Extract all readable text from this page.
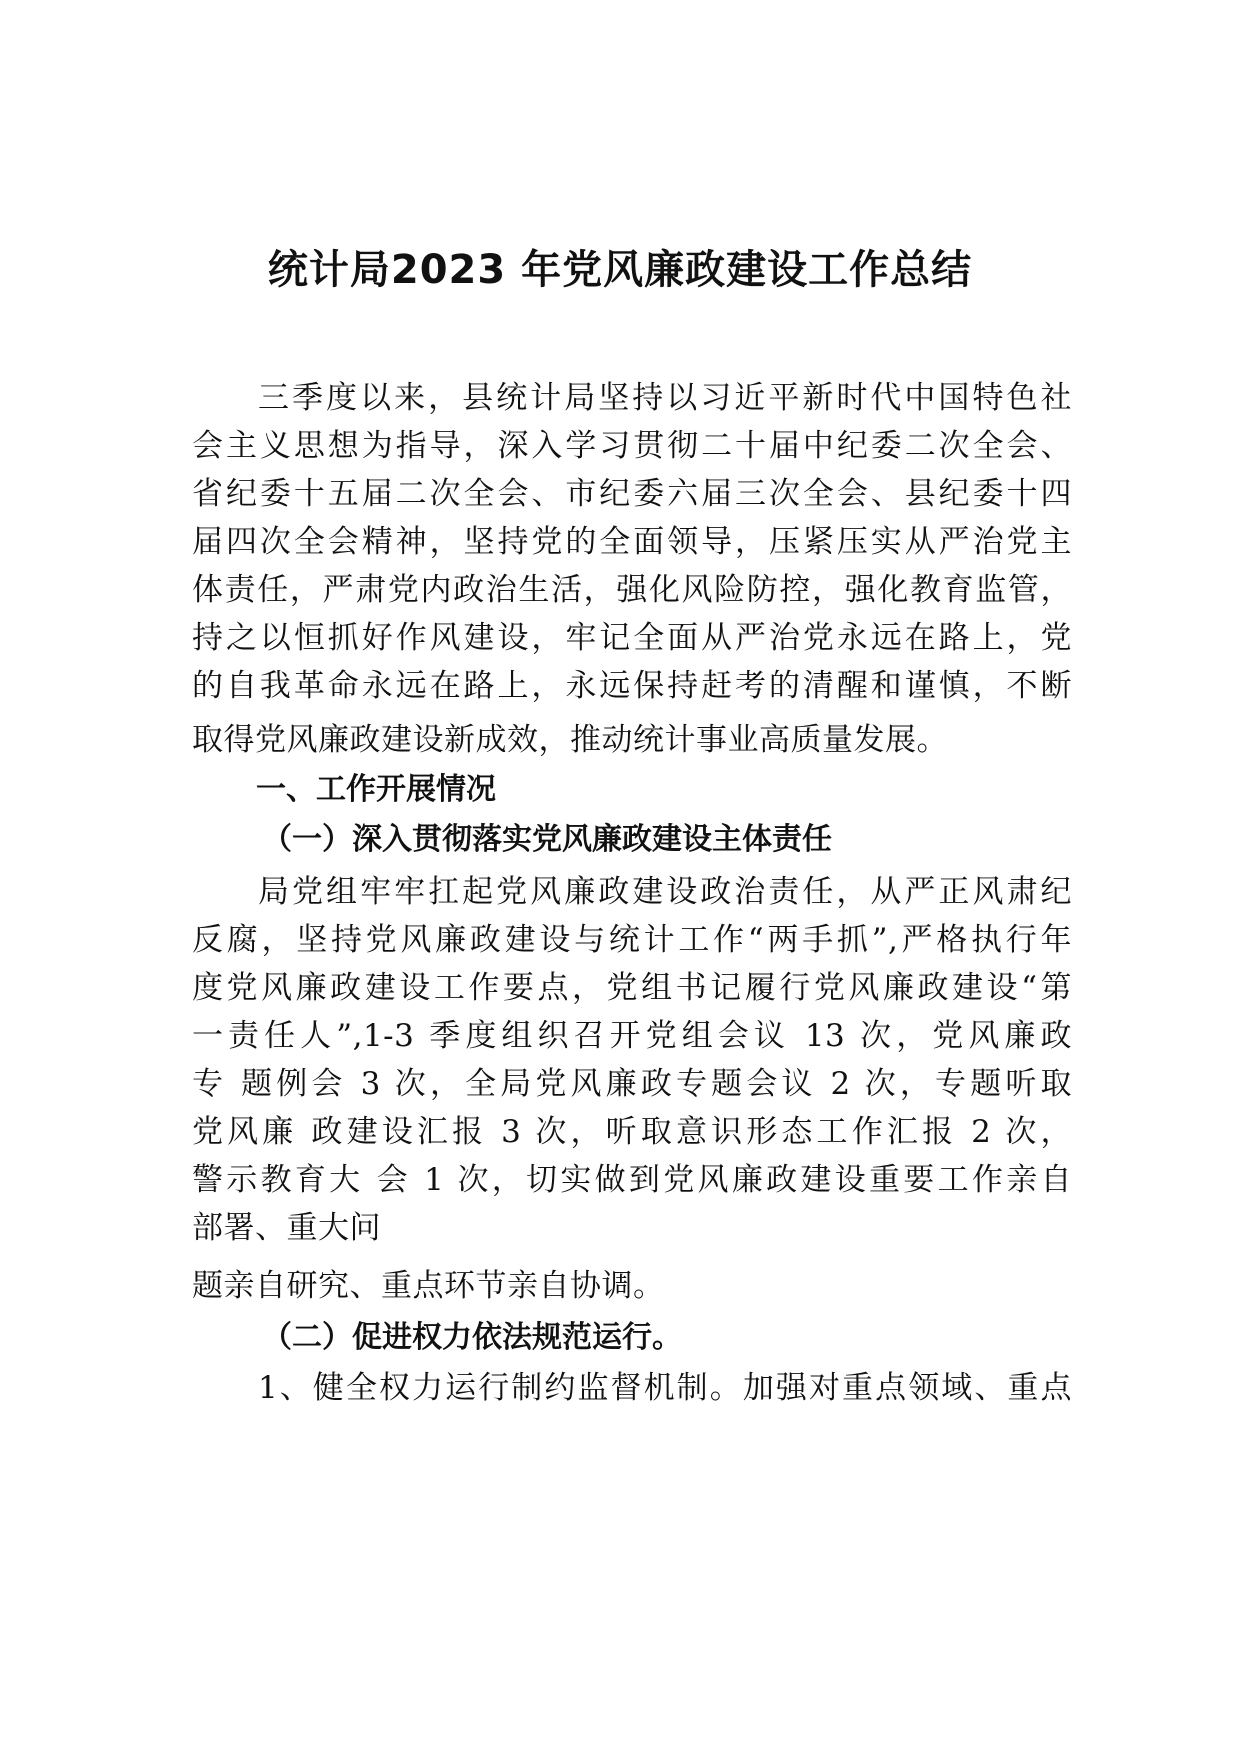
统计局2023 年党风廉政建设工作总结
三季度以来，县统计局坚持以习近平新时代中国特色社
会主义思想为指导，深入学习贯彻二十届中纪委二次全会、
省纪委十五届二次全会、市纪委六届三次全会、县纪委十四
届四次全会精神，坚持党的全面领导，压紧压实从严治党主
体责任，严肃党内政治生活，强化风险防控，强化教育监管，
持之以恒抓好作风建设，牢记全面从严治党永远在路上，党
的自我革命永远在路上，永远保持赶考的清醒和谨慎，不断
取得党风廉政建设新成效，推动统计事业高质量发展。
一、工作开展情况
（一）深入贯彻落实党风廉政建设主体责任
局党组牢牢扛起党风廉政建设政治责任，从严正风肃纪
反腐，坚持党风廉政建设与统计工作“两手抓”,严格执行年
度党风廉政建设工作要点，党组书记履行党风廉政建设“第
一责任人”,1-3 季度组织召开党组会议 13 次，党风廉政
专 题例会 3 次，全局党风廉政专题会议 2 次，专题听取
党风廉 政建设汇报 3 次，听取意识形态工作汇报 2 次，
警示教育大 会 1 次，切实做到党风廉政建设重要工作亲自
部署、重大问
题亲自研究、重点环节亲自协调。
（二）促进权力依法规范运行。
1、健全权力运行制约监督机制。加强对重点领域、重点
